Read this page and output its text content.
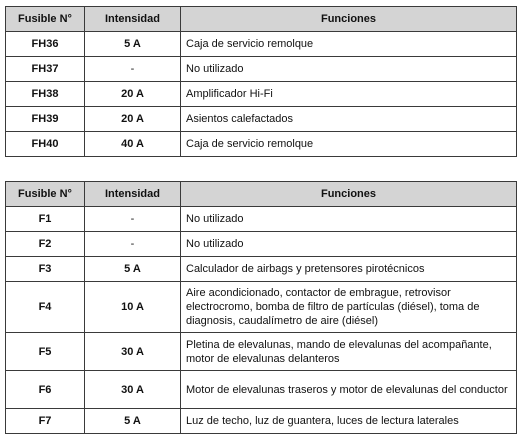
Fusible N°	Intensidad	Funciones
FH36	5 A	Caja de servicio remolque
FH37	-	No utilizado
FH38	20 A	Amplificador Hi-Fi
FH39	20 A	Asientos calefactados
FH40	40 A	Caja de servicio remolque
Fusible N°	Intensidad	Funciones
F1	-	No utilizado
F2	-	No utilizado
F3	5 A	Calculador de airbags y pretensores pirotécnicos
F4	10 A	Aire acondicionado, contactor de embrague, retrovisor electrocromo, bomba de filtro de partículas (diésel), toma de diagnosis, caudalímetro de aire (diésel)
F5	30 A	Pletina de elevalunas, mando de elevalunas del acompañante, motor de elevalunas delanteros
F6	30 A	Motor de elevalunas traseros y motor de elevalunas del conductor
F7	5 A	Luz de techo, luz de guantera, luces de lectura laterales
